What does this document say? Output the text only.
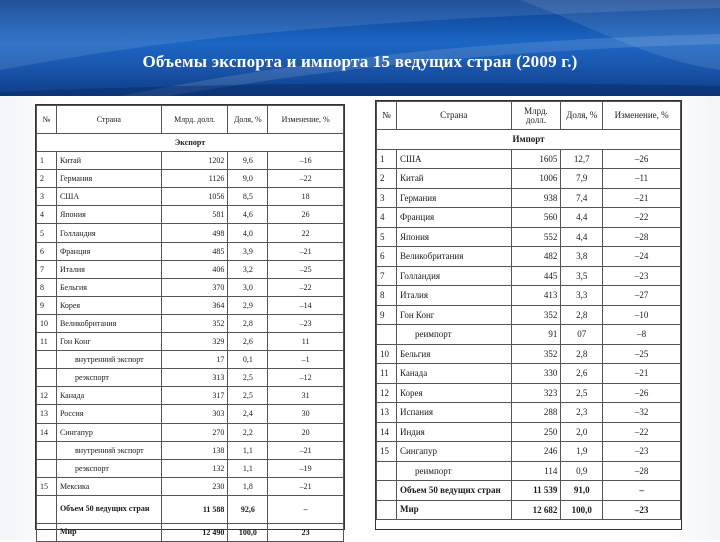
Объемы экспорта и импорта 15 ведущих стран (2009 г.)
№	Страна	Млрд. долл.	Доля, %	Изменение, %
Экспорт				
1	Китай	1202	9,6	–16
2	Германия	1126	9,0	–22
3	США	1056	8,5	18
4	Япония	581	4,6	26
5	Голландия	498	4,0	22
6	Франция	485	3,9	–21
7	Италия	406	3,2	–25
8	Бельгия	370	3,0	–22
9	Корея	364	2,9	–14
10	Великобритания	352	2,8	–23
11	Гон Конг	329	2,6	11
	внутренний экспорт	17	0,1	–1
	реэкспорт	313	2,5	–12
12	Канада	317	2,5	31
13	Россия	303	2,4	30
14	Сингапур	270	2,2	20
	внутренний экспорт	138	1,1	–21
	реэкспорт	132	1,1	–19
15	Мексика	230	1,8	–21
	Объем 50 ведущих стран	11 588	92,6	–
	Мир	12 490	100,0	23
№	Страна	Млрд. долл.	Доля, %	Изменение, %
Импорт				
1	США	1605	12,7	–26
2	Китай	1006	7,9	–11
3	Германия	938	7,4	–21
4	Франция	560	4,4	–22
5	Япония	552	4,4	–28
6	Великобритания	482	3,8	–24
7	Голландия	445	3,5	–23
8	Италия	413	3,3	–27
9	Гон Конг	352	2,8	–10
	реимпорт	91	07	–8
10	Бельгия	352	2,8	–25
11	Канада	330	2,6	–21
12	Корея	323	2,5	–26
13	Испания	288	2,3	–32
14	Индия	250	2,0	–22
15	Сингапур	246	1,9	–23
	реимпорт	114	0,9	–28
	Объем 50 ведущих стран	11 539	91,0	–
	Мир	12 682	100,0	–23
